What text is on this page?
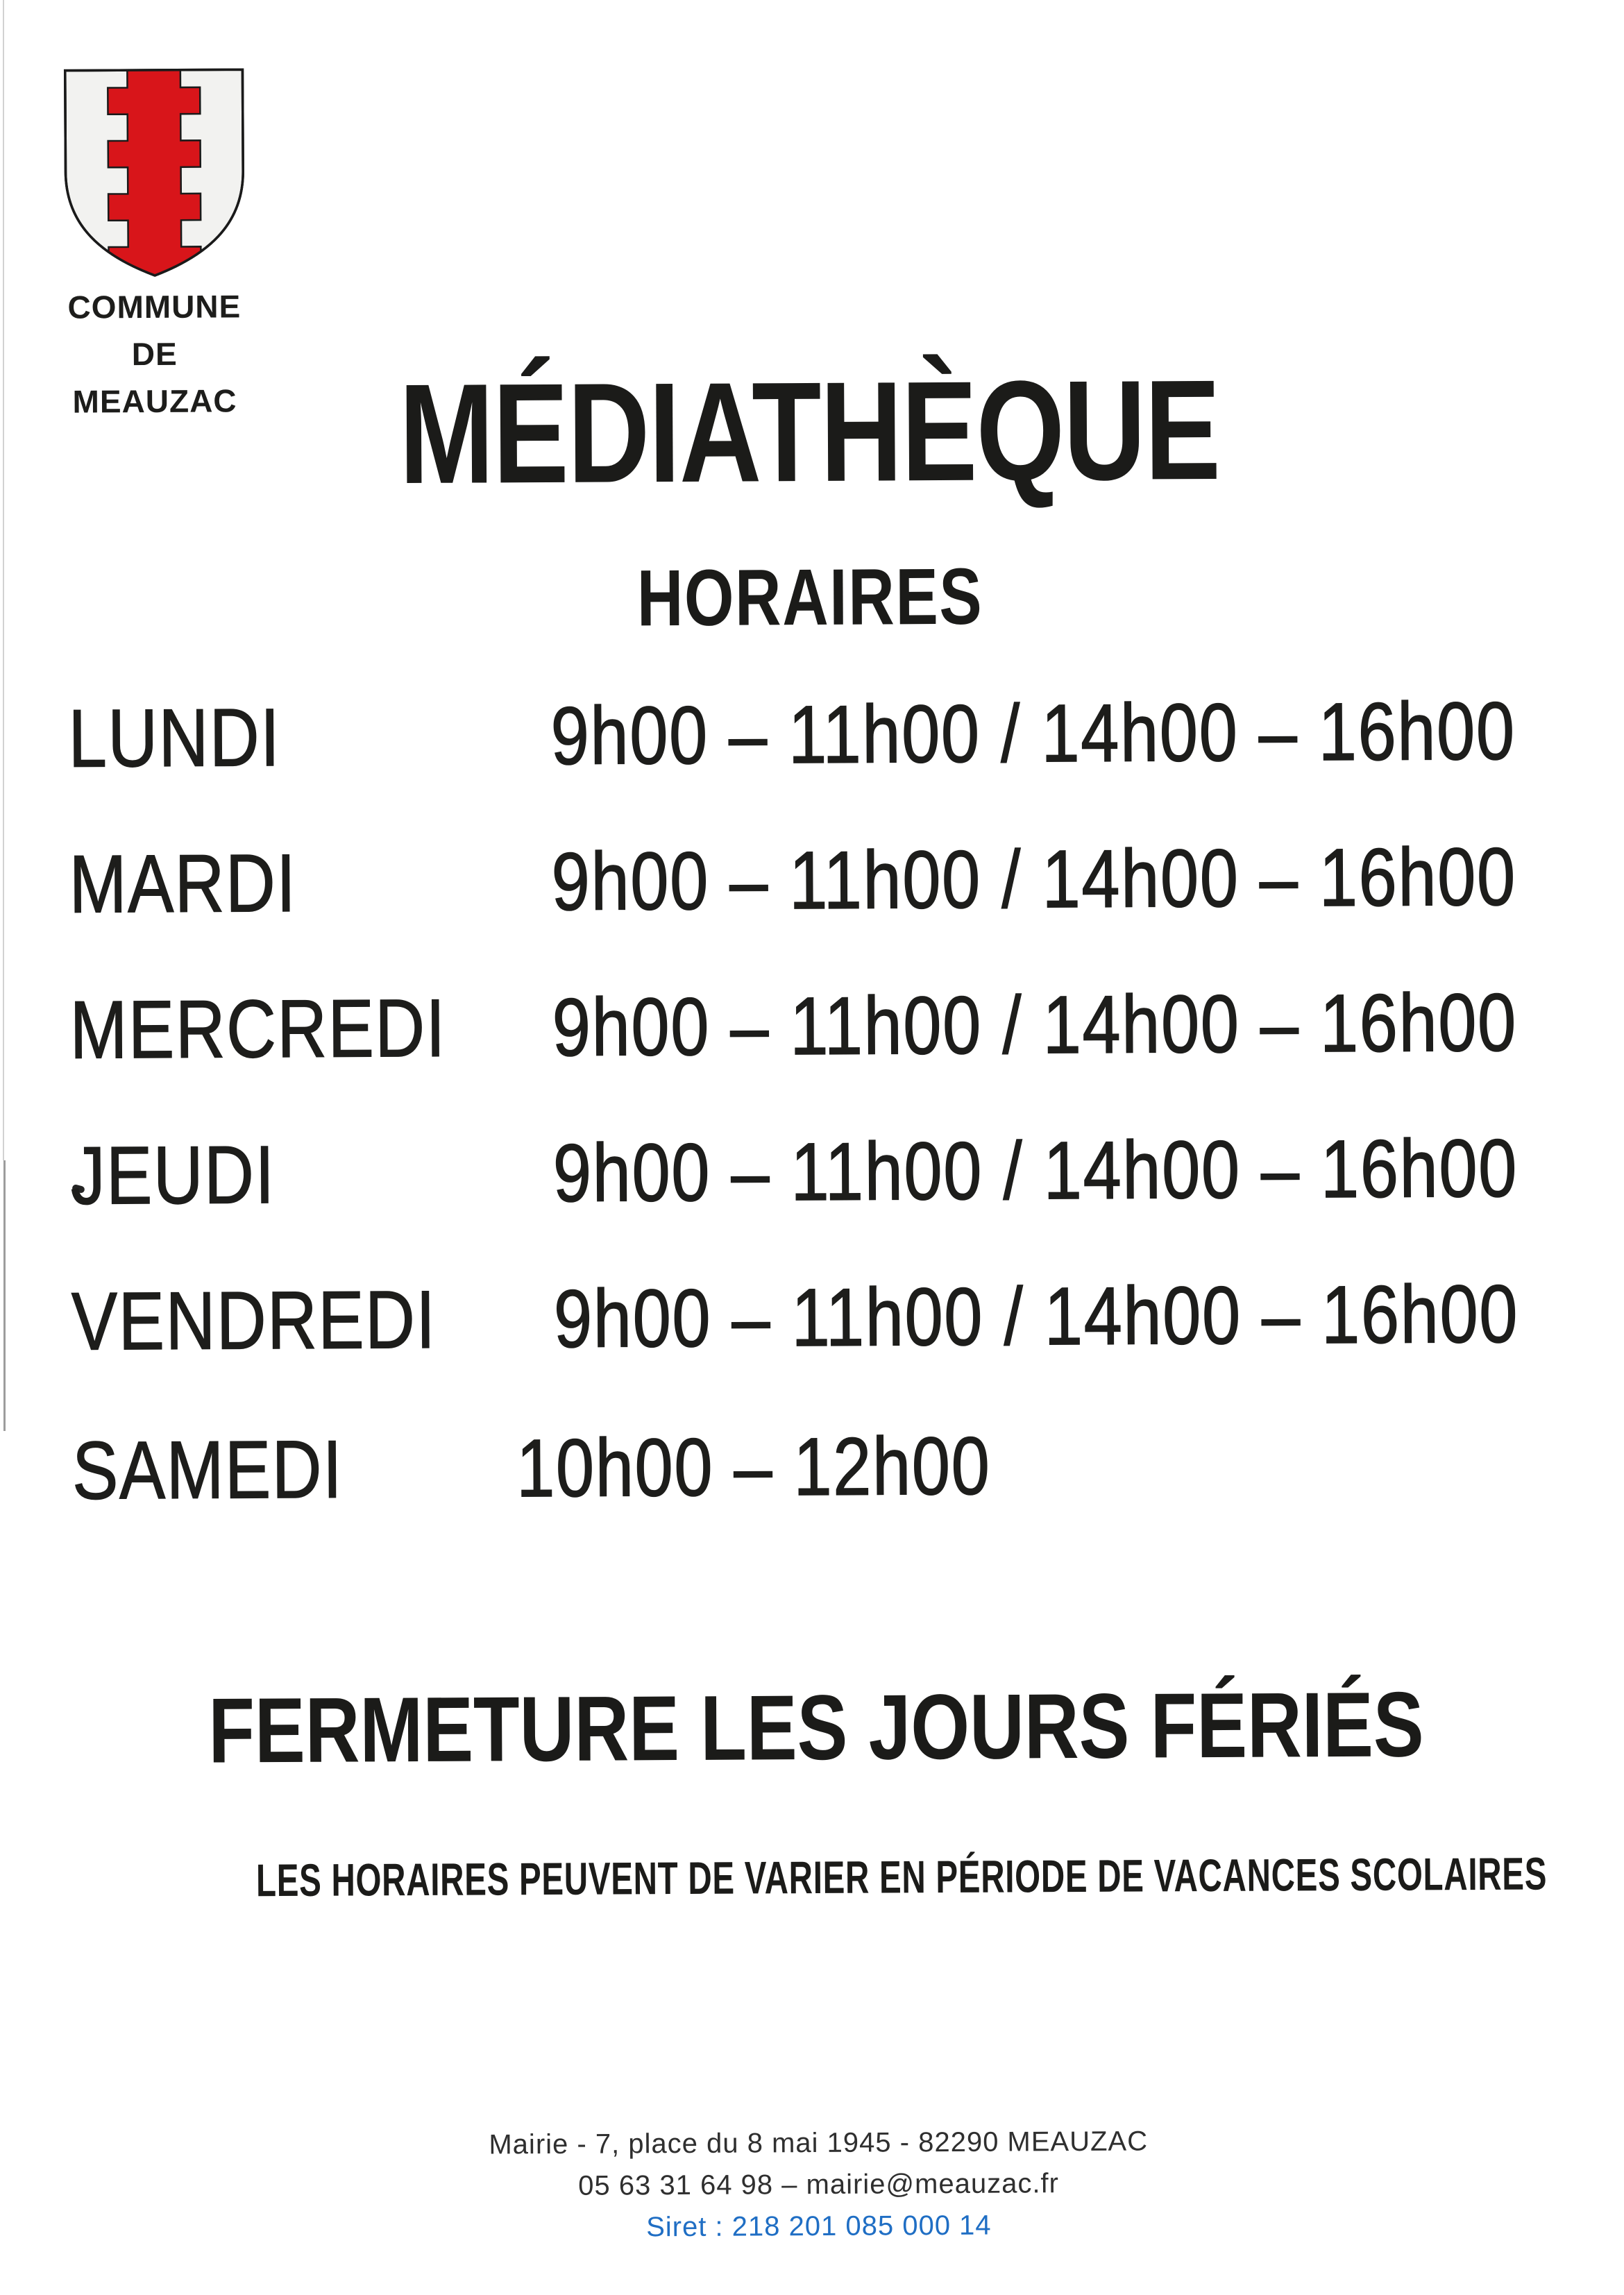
COMMUNE
DE
MEAUZAC	MÉDIATHÈQUE
HORAIRES
LUNDI	9h00 – 11h00 / 14h00 – 16h00
MARDI	9h00 – 11h00 / 14h00 – 16h00
MERCREDI 9h00 – 11h00 / 14h00 – 16h00
JEUDI	9h00 – 11h00 / 14h00 – 16h00
VENDREDI 9h00 – 11h00 / 14h00 – 16h00
SAMEDI 10h00 – 12h00
FERMETURE LES JOURS FÉRIÉS
LES HORAIRES PEUVENT DE VARIER EN PÉRIODE DE VACANCES SCOLAIRES
Mairie - 7, place du 8 mai 1945 - 82290 MEAUZAC
05 63 31 64 98 – mairie@meauzac.fr
Siret : 218 201 085 000 14
